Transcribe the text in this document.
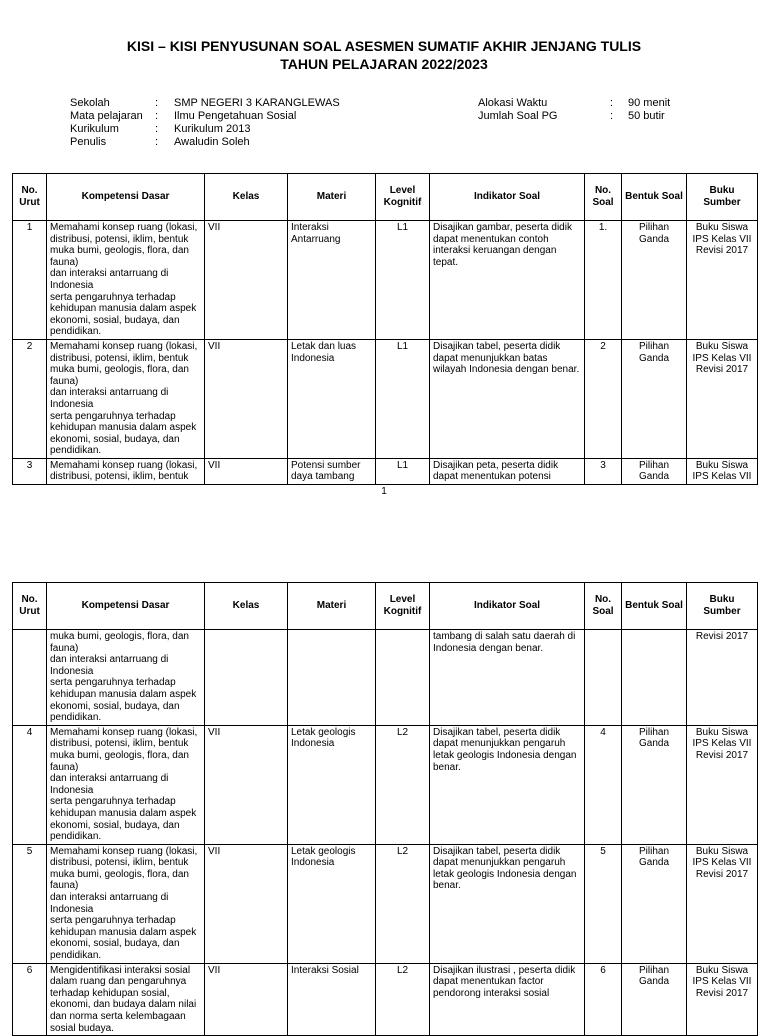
KISI – KISI PENYUSUNAN SOAL ASESMEN SUMATIF AKHIR JENJANG TULIS
TAHUN PELAJARAN 2022/2023
Sekolah	: SMP NEGERI 3 KARANGLEWAS
Mata pelajaran : Ilmu Pengetahuan Sosial
Kurikulum	: Kurikulum 2013
Penulis	: Awaludin Soleh
Alokasi Waktu	: 90 menit
Jumlah Soal PG	: 50 butir
No. Urut	Kompetensi Dasar	Kelas	Materi	Level Kognitif	Indikator Soal	No. Soal	Bentuk Soal	Buku Sumber
1	Memahami konsep ruang (lokasi, distribusi, potensi, iklim, bentuk muka bumi, geologis, flora, dan fauna)
dan interaksi antarruang di Indonesia
serta pengaruhnya terhadap kehidupan manusia dalam aspek ekonomi, sosial, budaya, dan pendidikan.	VII	Interaksi Antarruang	L1	Disajikan gambar, peserta didik dapat menentukan contoh interaksi keruangan dengan tepat.	1.	Pilihan Ganda	Buku Siswa IPS Kelas VII Revisi 2017
2	Memahami konsep ruang (lokasi, distribusi, potensi, iklim, bentuk muka bumi, geologis, flora, dan fauna)
dan interaksi antarruang di Indonesia
serta pengaruhnya terhadap kehidupan manusia dalam aspek ekonomi, sosial, budaya, dan pendidikan.	VII	Letak dan luas Indonesia	L1	Disajikan tabel, peserta didik dapat menunjukkan batas wilayah Indonesia dengan benar.	2	Pilihan Ganda	Buku Siswa IPS Kelas VII Revisi 2017
3	Memahami konsep ruang (lokasi, distribusi, potensi, iklim, bentuk	VII	Potensi sumber daya tambang	L1	Disajikan peta, peserta didik dapat menentukan potensi	3	Pilihan Ganda	Buku Siswa IPS Kelas VII
1
No. Urut	Kompetensi Dasar	Kelas	Materi	Level Kognitif	Indikator Soal	No. Soal	Bentuk Soal	Buku Sumber
	muka bumi, geologis, flora, dan fauna)
dan interaksi antarruang di Indonesia
serta pengaruhnya terhadap kehidupan manusia dalam aspek ekonomi, sosial, budaya, dan pendidikan.				tambang di salah satu daerah di Indonesia dengan benar.			Revisi 2017
4	Memahami konsep ruang (lokasi, distribusi, potensi, iklim, bentuk muka bumi, geologis, flora, dan fauna)
dan interaksi antarruang di Indonesia
serta pengaruhnya terhadap kehidupan manusia dalam aspek ekonomi, sosial, budaya, dan pendidikan.	VII	Letak geologis Indonesia	L2	Disajikan tabel, peserta didik dapat menunjukkan pengaruh letak geologis Indonesia dengan benar.	4	Pilihan Ganda	Buku Siswa IPS Kelas VII Revisi 2017
5	Memahami konsep ruang (lokasi, distribusi, potensi, iklim, bentuk muka bumi, geologis, flora, dan fauna)
dan interaksi antarruang di Indonesia
serta pengaruhnya terhadap kehidupan manusia dalam aspek ekonomi, sosial, budaya, dan pendidikan.	VII	Letak geologis Indonesia	L2	Disajikan tabel, peserta didik dapat menunjukkan pengaruh letak geologis Indonesia dengan benar.	5	Pilihan Ganda	Buku Siswa IPS Kelas VII Revisi 2017
6	Mengidentifikasi interaksi sosial dalam ruang dan pengaruhnya terhadap kehidupan sosial, ekonomi, dan budaya dalam nilai dan norma serta kelembagaan sosial budaya.	VII	Interaksi Sosial	L2	Disajikan ilustrasi , peserta didik dapat menentukan factor pendorong interaksi sosial	6	Pilihan Ganda	Buku Siswa IPS Kelas VII Revisi 2017
